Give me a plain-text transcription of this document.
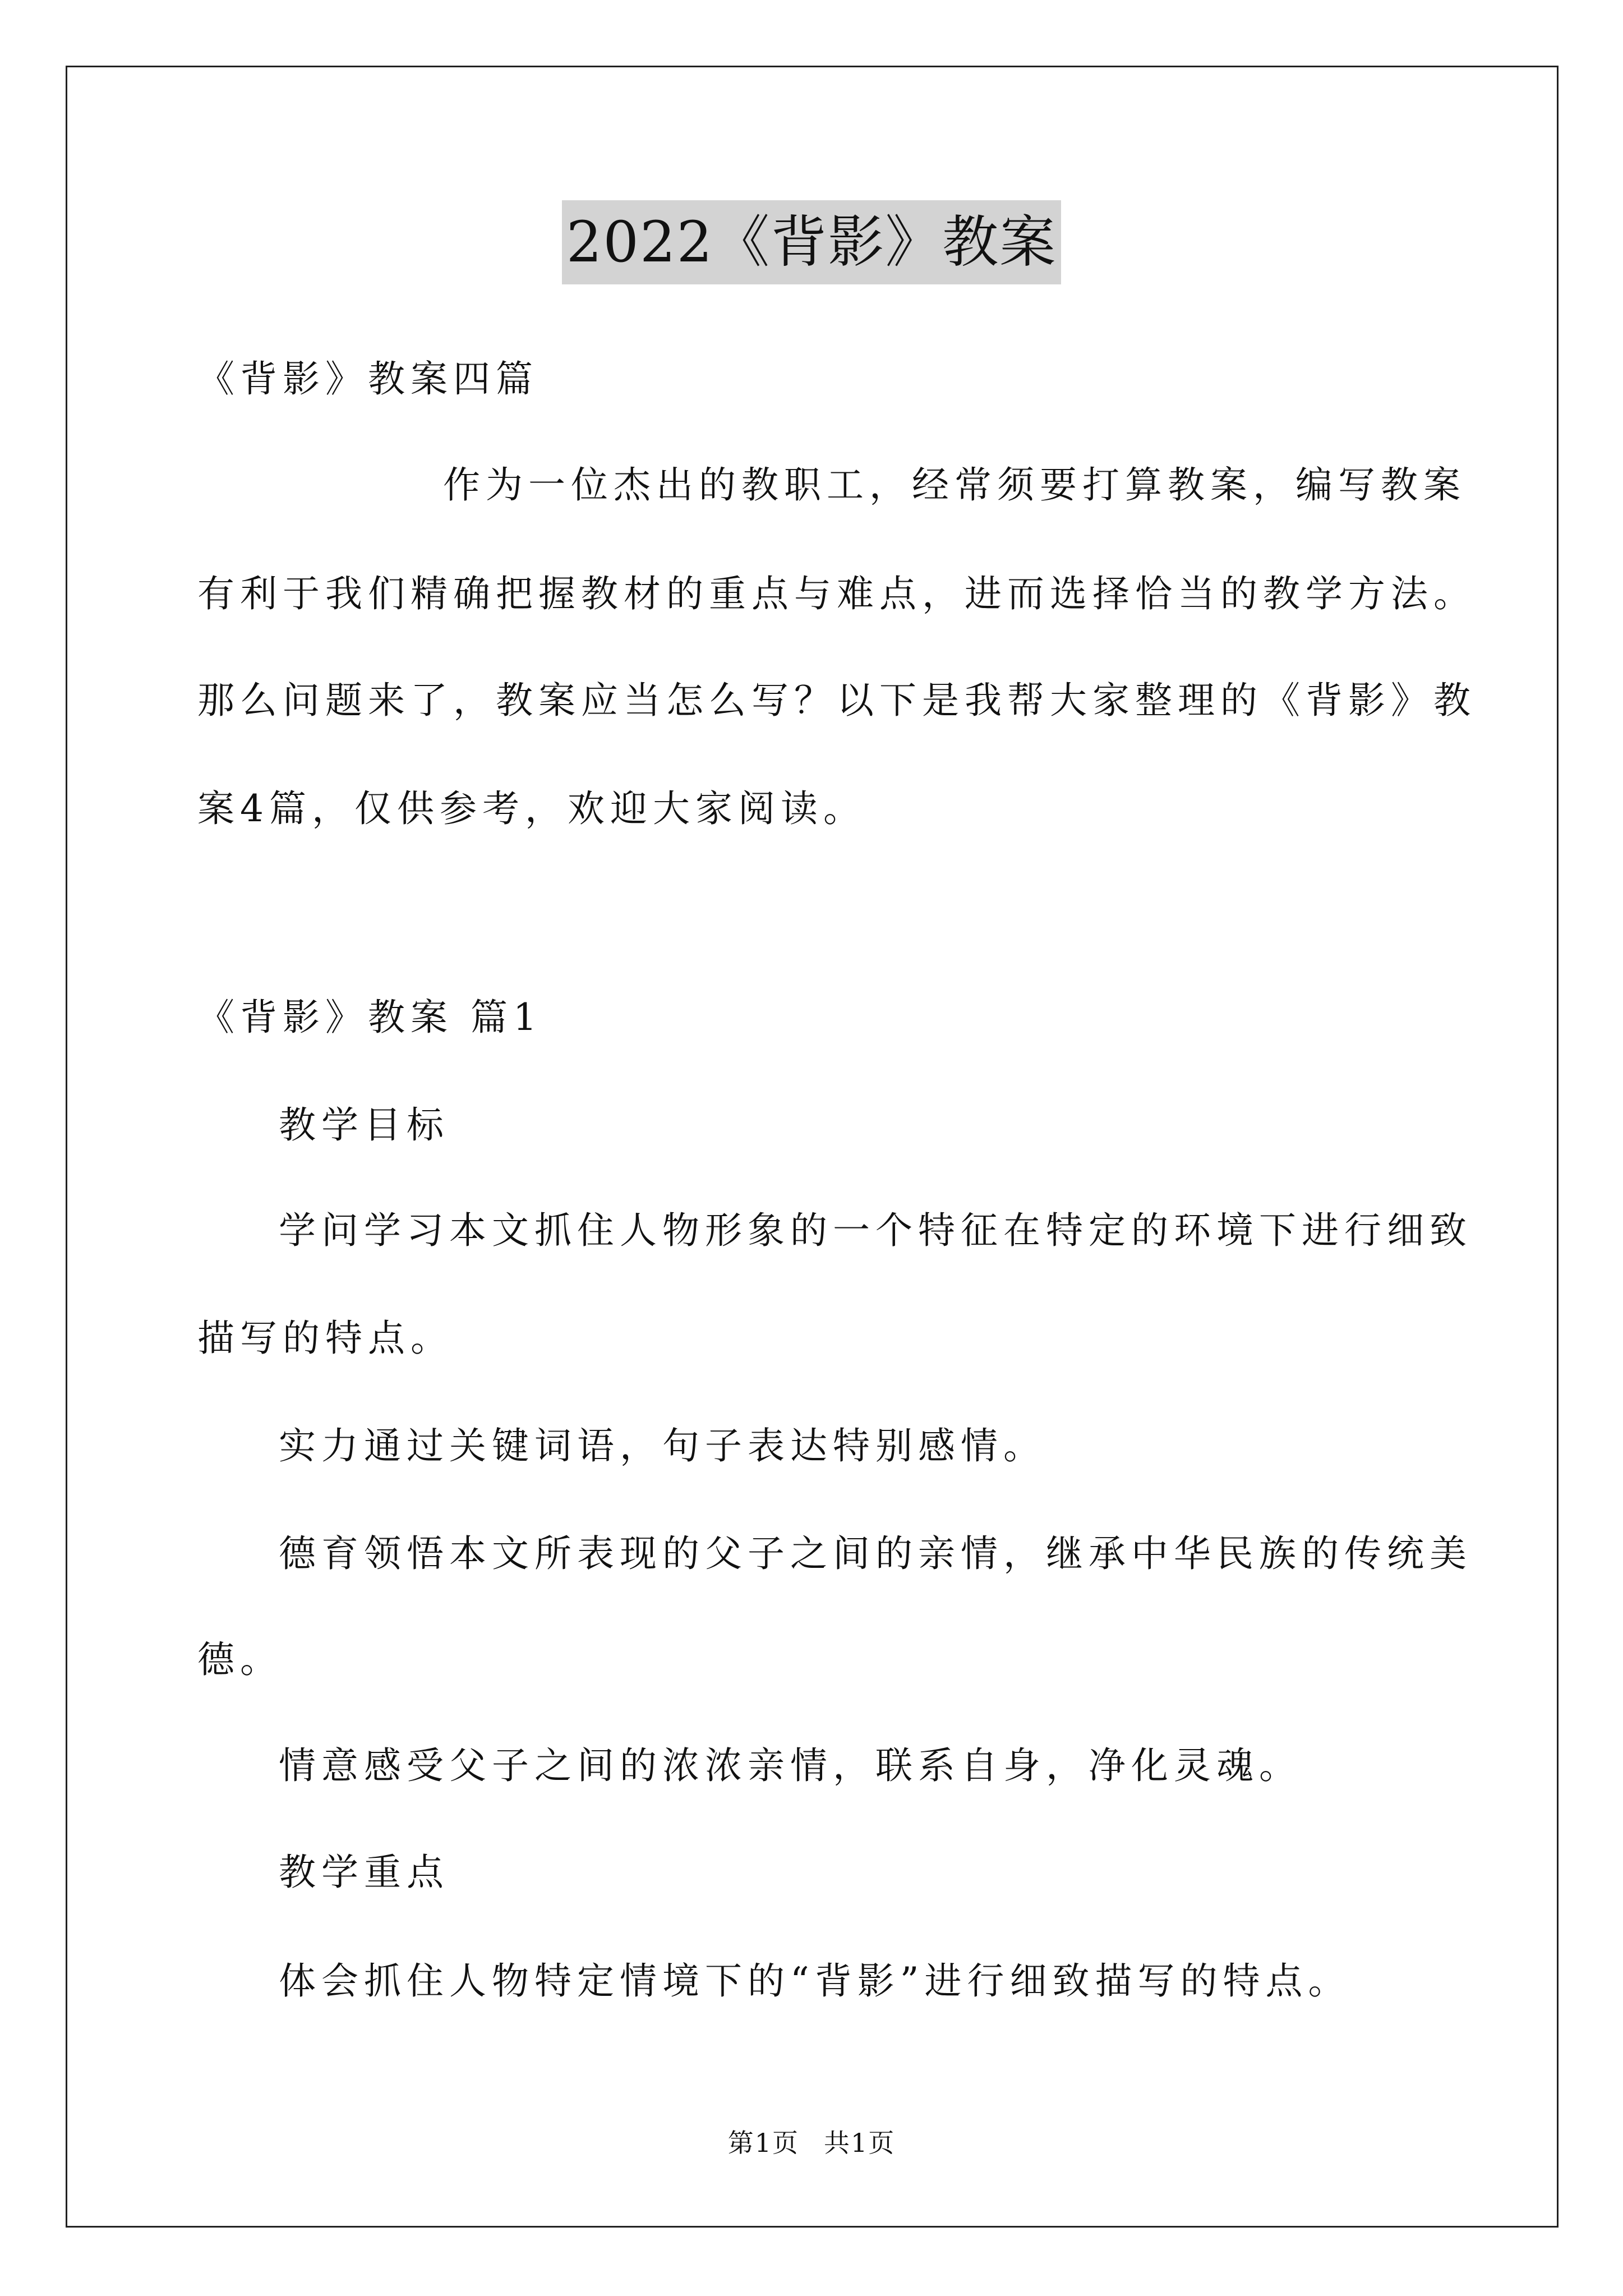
2022《背影》教案
《背影》教案四篇
作为一位杰出的教职工，经常须要打算教案，编写教案
有利于我们精确把握教材的重点与难点，进而选择恰当的教学方法。
那么问题来了，教案应当怎么写？以下是我帮大家整理的《背影》教
案4篇，仅供参考，欢迎大家阅读。
《背影》教案 篇1
教学目标
学问学习本文抓住人物形象的一个特征在特定的环境下进行细致
描写的特点。
实力通过关键词语，句子表达特别感情。
德育领悟本文所表现的父子之间的亲情，继承中华民族的传统美
德。
情意感受父子之间的浓浓亲情，联系自身，净化灵魂。
教学重点
体会抓住人物特定情境下的“背影”进行细致描写的特点。
第1页 共1页
